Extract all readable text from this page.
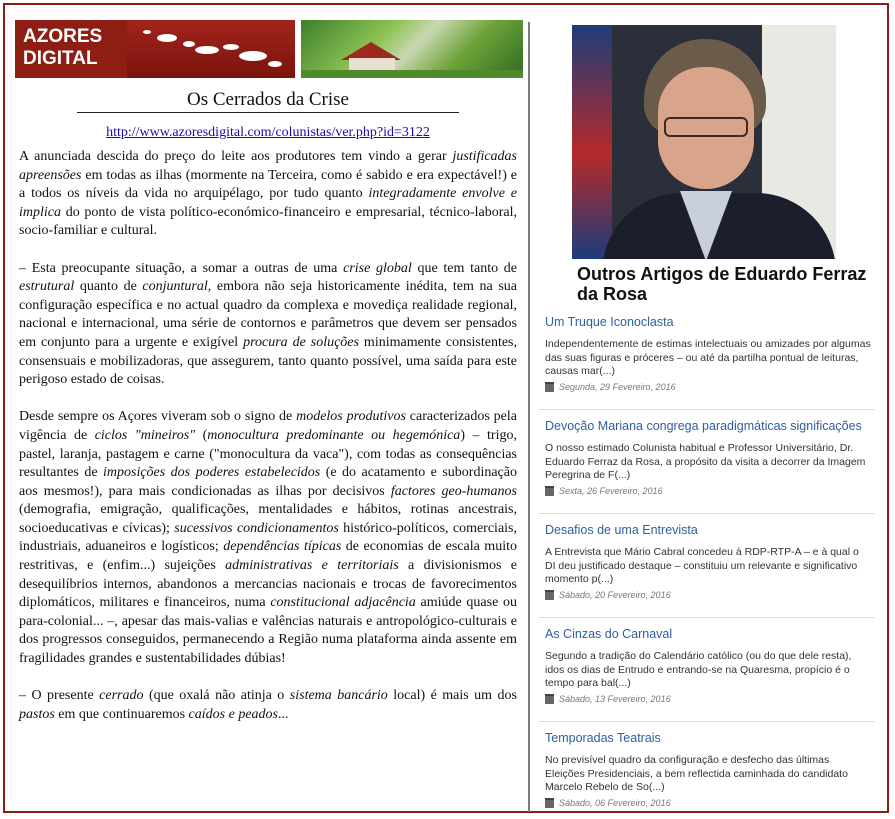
AZORES
DIGITAL
Os Cerrados da Crise
http://www.azoresdigital.com/colunistas/ver.php?id=3122

A anunciada descida do preço do leite aos produtores tem vindo a gerar justificadas apreensões em todas as ilhas (mormente na Terceira, como é sabido e era expectável!) e a todos os níveis da vida no arquipélago, por tudo quanto integradamente envolve e implica do ponto de vista político-económico-financeiro e empresarial, técnico-laboral, socio-familiar e cultural.

– Esta preocupante situação, a somar a outras de uma crise global que tem tanto de estrutural quanto de conjuntural, embora não seja historicamente inédita, tem na sua configuração específica e no actual quadro da complexa e movediça realidade regional, nacional e internacional, uma série de contornos e parâmetros que devem ser pensados em conjunto para a urgente e exigível procura de soluções minimamente consistentes, consensuais e mobilizadoras, que assegurem, tanto quanto possível, uma saída para este perigoso estado de coisas.

Desde sempre os Açores viveram sob o signo de modelos produtivos caracterizados pela vigência de ciclos "mineiros" (monocultura predominante ou hegemónica) – trigo, pastel, laranja, pastagem e carne ("monocultura da vaca"), com todas as consequências resultantes de imposições dos poderes estabelecidos (e do acatamento e subordinação aos mesmos!), para mais condicionadas as ilhas por decisivos factores geo-humanos (demografia, emigração, qualificações, mentalidades e hábitos, rotinas ancestrais, socioeducativas e cívicas); sucessivos condicionamentos histórico-políticos, comerciais, industriais, aduaneiros e logísticos; dependências típicas de economias de escala muito restritivas, e (enfim...) sujeições administrativas e territoriais a divisionismos e desequilíbrios internos, abandonos a mercancias nacionais e trocas de favorecimentos diplomáticos, militares e financeiros, numa constitucional adjacência amiúde quase ou para-colonial... –, apesar das mais-valias e valências naturais e antropológico-culturais e dos progressos conseguidos, permanecendo a Região numa plataforma ainda assente em fragilidades grandes e sustentabilidades dúbias!

– O presente cerrado (que oxalá não atinja o sistema bancário local) é mais um dos pastos em que continuaremos caídos e peados...

Outros Artigos de Eduardo Ferraz da Rosa
Um Truque Iconoclasta
Independentemente de estimas intelectuais ou amizades por algumas das suas figuras e próceres – ou até da partilha pontual de leituras, causas mar(...)
Segunda, 29 Fevereiro, 2016
Devoção Mariana congrega paradigmáticas significações
O nosso estimado Colunista habitual e Professor Universitário, Dr. Eduardo Ferraz da Rosa, a propósito da visita a decorrer da Imagem Peregrina de F(...)
Sexta, 26 Fevereiro, 2016
Desafios de uma Entrevista
A Entrevista que Mário Cabral concedeu à RDP-RTP-A – e à qual o DI deu justificado destaque – constituiu um relevante e significativo momento p(...)
Sábado, 20 Fevereiro, 2016
As Cinzas do Carnaval
Segundo a tradição do Calendário católico (ou do que dele resta), idos os dias de Entrudo e entrando-se na Quaresma, propício é o tempo para bal(...)
Sábado, 13 Fevereiro, 2016
Temporadas Teatrais
No previsível quadro da configuração e desfecho das últimas Eleições Presidenciais, a bem reflectida caminhada do candidato Marcelo Rebelo de So(...)
Sábado, 06 Fevereiro, 2016
